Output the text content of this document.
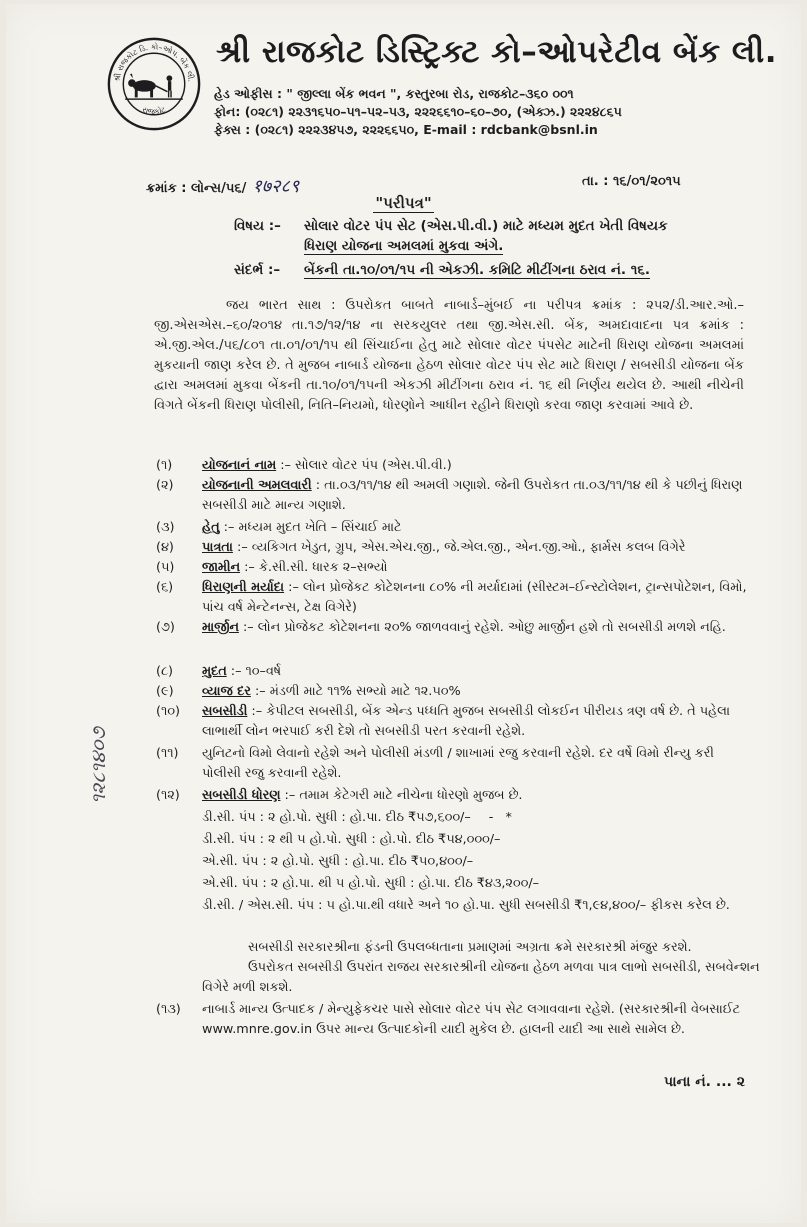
શ્રી રાજકોટ ડિ. કો–ઓપ. બેંક લી.
રાજકોટ
શ્રી રાજકોટ ડિસ્ટ્રિક્ટ કો–ઓપરેટીવ બેંક લી.
હેડ ઓફીસ : " જીલ્લા બેંક ભવન ", કસ્તુરબા રોડ, રાજકોટ–૩૬૦ ૦૦૧
ફોન: (૦૨૮૧) ૨૨૩૧૬૫૦–૫૧–૫૨–૫૩, ૨૨૨૬૬૧૦–૬૦–૭૦, (એક્ઝ.) ૨૨૨૪૮૬૫
ફેક્સ : (૦૨૮૧) ૨૨૨૩૪૫૭, ૨૨૨૬૬૫૦, E-mail : rdcbank@bsnl.in
ક્રમાંક : લોન્સ/૫૬/ १७२८९	તા. : ૧૬/૦૧/૨૦૧૫
"પરીપત્ર"
વિષય :– સોલાર વોટર પંપ સેટ (એસ.પી.વી.) માટે મધ્યમ મુદત ખેતી વિષયક
ધિરાણ યોજના અમલમાં મુકવા અંગે.
સંદર્ભ :– બેંકની તા.૧૦/૦૧/૧૫ ની એકઝી. કમિટિ મીટીંગના ઠરાવ નં. ૧૬.
જય ભારત સાથ : ઉપરોકત બાબતે નાબાર્ડ–મુંબઈ ના પરીપત્ર ક્રમાંક : ૨૫૨/ડી.આર.ઓ.–જી.એસએસ.–૬૦/૨૦૧૪ તા.૧૭/૧૨/૧૪ ના સરકયુલર તથા જી.એસ.સી. બેંક, અમદાવાદના પત્ર ક્રમાંક : એ.જી.એલ./૫૬/૮૦૧ તા.૦૧/૦૧/૧૫ થી સિંચાઈના હેતુ માટે સોલાર વોટર પંપસેટ માટેની ધિરાણ યોજના અમલમાં મુકયાની જાણ કરેલ છે. તે મુજબ નાબાર્ડ યોજના હેઠળ સોલાર વોટર પંપ સેટ માટે ધિરાણ / સબસીડી યોજના બેંક દ્વારા અમલમાં મુકવા બેંકની તા.૧૦/૦૧/૧૫ની એકઝી મીટીંગના ઠરાવ નં. ૧૬ થી નિર્ણય થયેલ છે. આથી નીચેની વિગતે બેંકની ધિરાણ પોલીસી, નિતિ–નિયમો, ધોરણોને આધીન રહીને ધિરાણો કરવા જાણ કરવામાં આવે છે.
(૧)	યોજનાનં નામ :– સોલાર વોટર પંપ (એસ.પી.વી.)
(૨)	યોજનાની અમલવારી : તા.૦૩/૧૧/૧૪ થી અમલી ગણાશે. જેની ઉપરોકત તા.૦૩/૧૧/૧૪ થી કે પછીનું ધિરાણ સબસીડી માટે માન્ય ગણાશે.
(૩)	હેતુ :– મધ્યમ મુદત ખેતિ – સિંચાઈ માટે
(૪)	પાત્રતા :– વ્યકિગત ખેડુત, ગ્રુપ, એસ.એચ.જી., જે.એલ.જી., એન.જી.ઓ., ફાર્મસ કલબ વિગેરે
(૫)	જામીન :– કે.સી.સી. ધારક ૨–સભ્યો
(૬)	ધિરાણની મર્યાદા :– લોન પ્રોજેકટ કોટેશનના ૮૦% ની મર્યાદામાં (સીસ્ટમ–ઈન્સ્ટોલેશન, ટ્રાન્સપોટેશન, વિમો, પાંચ વર્ષ મેન્ટેનન્સ, ટેક્ષ વિગેરે)
(૭)	માર્જીન :– લોન પ્રોજેકટ કોટેશનના ૨૦% જાળવવાનું રહેશે. ઓછુ માર્જીન હશે તો સબસીડી મળશે નહિ.
(૮)	મુદત :– ૧૦–વર્ષ
(૯)	વ્યાજ દર :– મંડળી માટે ૧૧% સભ્યો માટે ૧૨.૫૦%
(૧૦)	સબસીડી :– કેપીટલ સબસીડી, બેંક એન્ડ પધ્ધતિ મુજબ સબસીડી લોકઈન પીરીયડ ત્રણ વર્ષ છે. તે પહેલા લાભાર્થી લોન ભરપાઈ કરી દેશે તો સબસીડી પરત કરવાની રહેશે.
(૧૧)	યુનિટનો વિમો લેવાનો રહેશે અને પોલીસી મંડળી / શાખામાં રજુ કરવાની રહેશે. દર વર્ષે વિમો રીન્યુ કરી પોલીસી રજુ કરવાની રહેશે.
(૧૨)	સબસીડી ધોરણ :– તમામ કેટેગરી માટે નીચેના ધોરણો મુજબ છે.
ડી.સી. પંપ : ૨ હો.પો. સુધી : હો.પા. દીઠ ₹૫૭,૬૦૦/– - *
ડી.સી. પંપ : ૨ થી ૫ હો.પો. સુધી : હો.પો. દીઠ ₹૫૪,૦૦૦/–
એ.સી. પંપ : ૨ હો.પો. સુધી : હો.પા. દીઠ ₹૫૦,૪૦૦/–
એ.સી. પંપ : ૨ હો.પા. થી ૫ હો.પો. સુધી : હો.પા. દીઠ ₹૪૩,૨૦૦/–
ડી.સી. / એસ.સી. પંપ : ૫ હો.પા.થી વધારે અને ૧૦ હો.પા. સુધી સબસીડી ₹૧,૯૪,૪૦૦/– ફીકસ કરેલ છે.
સબસીડી સરકારશ્રીના ફંડની ઉપલબ્ધતાના પ્રમાણમાં અગ્રતા ક્રમે સરકારશ્રી મંજુર કરશે.
ઉપરોકત સબસીડી ઉપરાંત રાજય સરકારશ્રીની યોજના હેઠળ મળવા પાત્ર લાભો સબસીડી, સબવેન્શન વિગેરે મળી શકશે.
(૧૩)	નાબાર્ડ માન્ય ઉત્પાદક / મેન્યુફેકચર પાસે સોલાર વોટર પંપ સેટ લગાવવાના રહેશે. (સરકારશ્રીની વેબસાઈટ www.mnre.gov.in ઉપર માન્ય ઉત્પાદકોની યાદી મુકેલ છે. હાલની યાદી આ સાથે સામેલ છે.
પાના નં. ... ૨
૧૨૮૧૪૦૭
